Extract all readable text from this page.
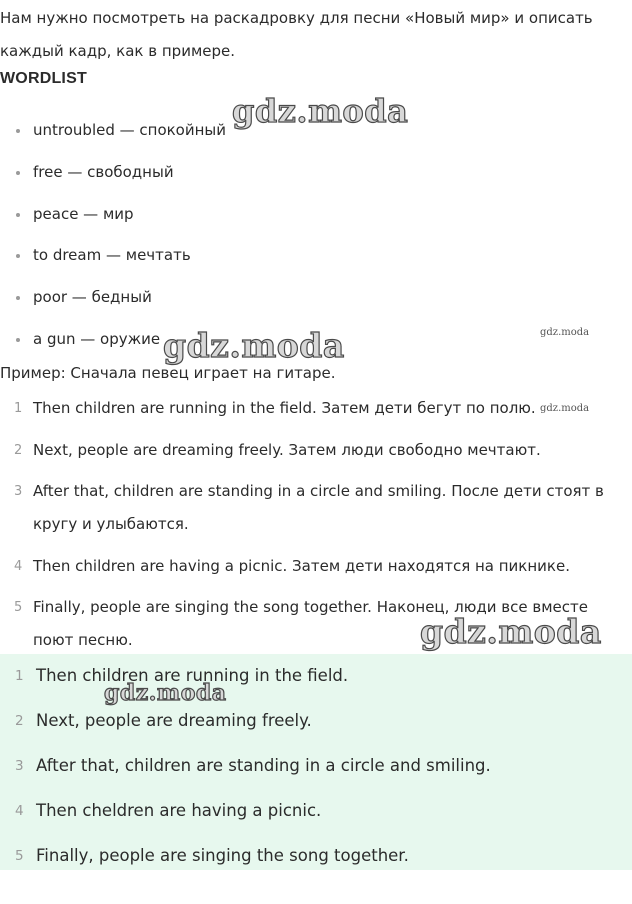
Нам нужно посмотреть на раскадровку для песни «Новый мир» и описать каждый кадр, как в примере.
WORDLIST
untroubled — спокойный
free — свободный
peace — мир
to dream — мечтать
poor — бедный
a gun — оружие
Пример: Сначала певец играет на гитаре.
1 Then children are running in the field. Затем дети бегут по полю.
2 Next, people are dreaming freely. Затем люди свободно мечтают.
3 After that, children are standing in a circle and smiling. После дети стоят в кругу и улыбаются.
4 Then children are having a picnic. Затем дети находятся на пикнике.
5 Finally, people are singing the song together. Наконец, люди все вместе поют песню.
1 Then children are running in the field.
2 Next, people are dreaming freely.
3 After that, children are standing in a circle and smiling.
4 Then cheldren are having a picnic.
5 Finally, people are singing the song together.
gdz.moda
gdz.moda	gdz.moda
gdz.moda
gdz.moda
gdz.moda
